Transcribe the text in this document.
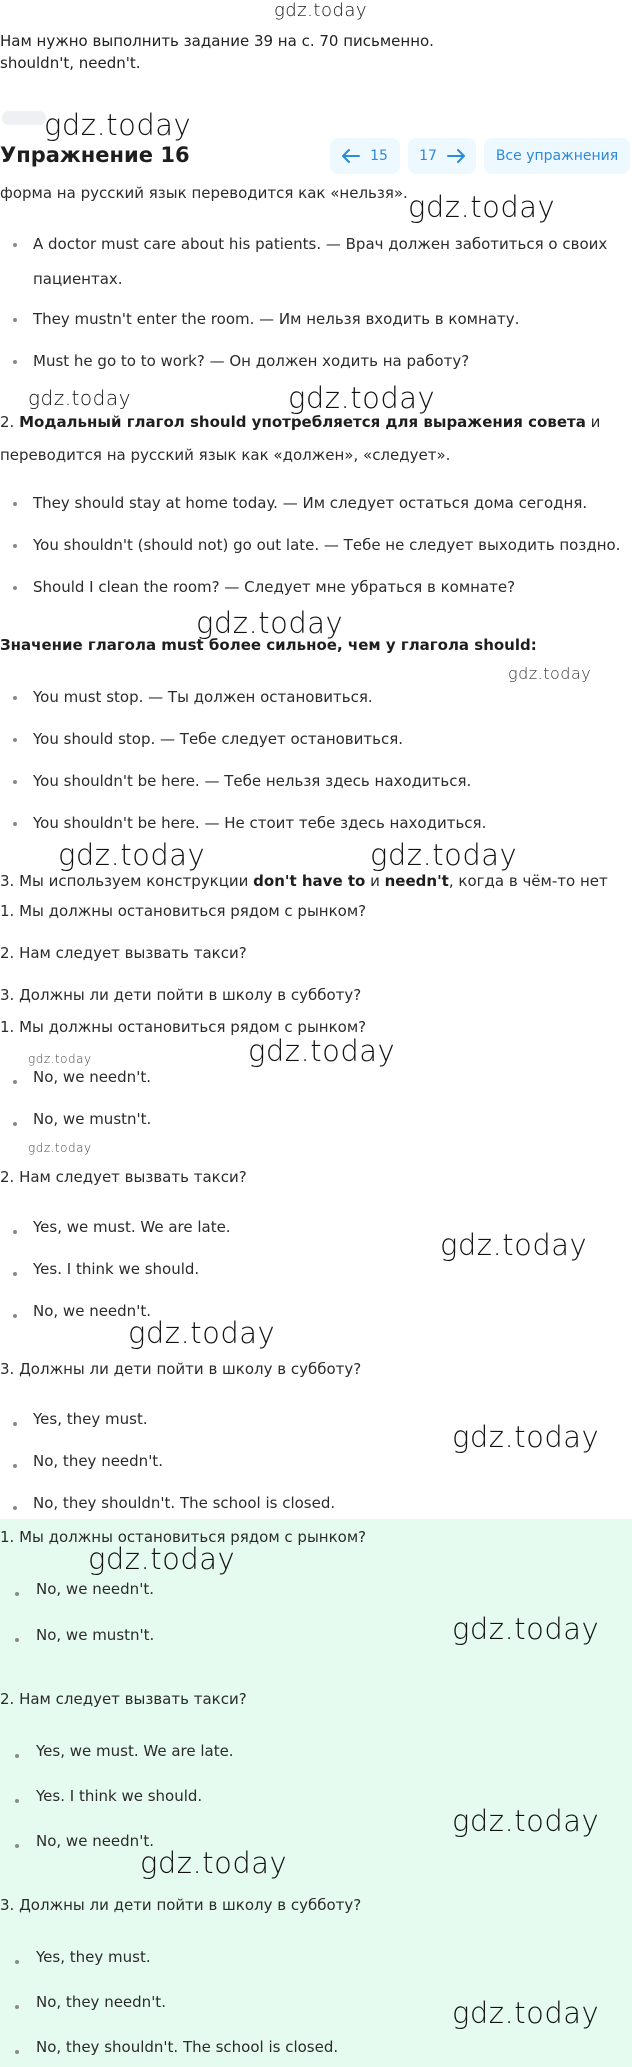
gdz.today
Нам нужно выполнить задание 39 на с. 70 письменно.
shouldn't, needn't.
gdz.today
Упражнение 16	15 17	Все упражнения
форма на русский язык переводится как «нельзя». gdz.today
A doctor must care about his patients. — Врач должен заботиться о своих пациентах.
They mustn't enter the room. — Им нельзя входить в комнату.
Must he go to to work? — Он должен ходить на работу?
gdz.today	gdz.today
2. Модальный глагол should употребляется для выражения совета и переводится на русский язык как «должен», «следует».
They should stay at home today. — Им следует остаться дома сегодня.
You shouldn't (should not) go out late. — Тебе не следует выходить поздно.
Should I clean the room? — Следует мне убраться в комнате?
gdz.today
Значение глагола must более сильное, чем у глагола should:
gdz.today
You must stop. — Ты должен остановиться.
You should stop. — Тебе следует остановиться.
You shouldn't be here. — Тебе нельзя здесь находиться.
You shouldn't be here. — Не стоит тебе здесь находиться.
gdz.today	gdz.today
3. Мы используем конструкции don't have to и needn't, когда в чём-то нет
1. Мы должны остановиться рядом с рынком?
2. Нам следует вызвать такси?
3. Должны ли дети пойти в школу в субботу?
1. Мы должны остановиться рядом с рынком?
gdz.today	gdz.today
No, we needn't.
No, we mustn't.
gdz.today
2. Нам следует вызвать такси?
Yes, we must. We are late.
gdz.today
Yes. I think we should.
No, we needn't.
gdz.today
3. Должны ли дети пойти в школу в субботу?
Yes, they must.
gdz.today
No, they needn't.
No, they shouldn't. The school is closed.
1. Мы должны остановиться рядом с рынком?
gdz.today
No, we needn't.
No, we mustn't.	gdz.today
2. Нам следует вызвать такси?
Yes, we must. We are late.
Yes. I think we should.
gdz.today
No, we needn't.
gdz.today
3. Должны ли дети пойти в школу в субботу?
Yes, they must.
No, they needn't.	gdz.today
No, they shouldn't. The school is closed.
